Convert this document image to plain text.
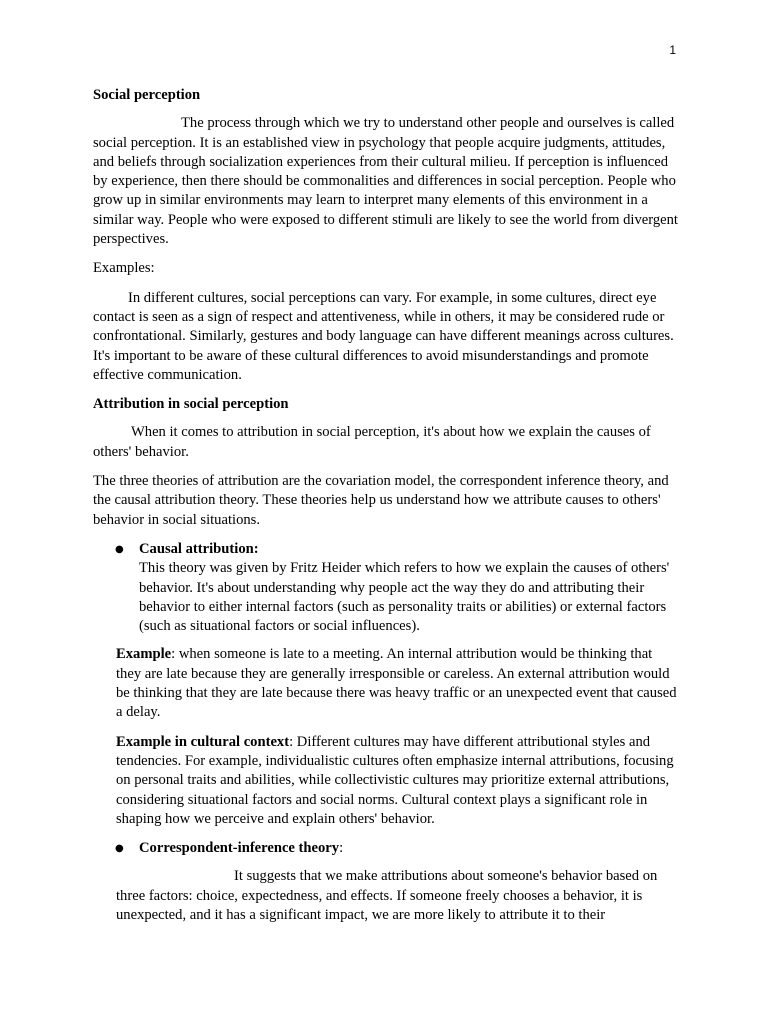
1

Social perception

The process through which we try to understand other people and ourselves is called social perception. It is an established view in psychology that people acquire judgments, attitudes, and beliefs through socialization experiences from their cultural milieu. If perception is influenced by experience, then there should be commonalities and differences in social perception. People who grow up in similar environments may learn to interpret many elements of this environment in a similar way. People who were exposed to different stimuli are likely to see the world from divergent perspectives.

Examples:

In different cultures, social perceptions can vary. For example, in some cultures, direct eye contact is seen as a sign of respect and attentiveness, while in others, it may be considered rude or confrontational. Similarly, gestures and body language can have different meanings across cultures. It's important to be aware of these cultural differences to avoid misunderstandings and promote effective communication.

Attribution in social perception

When it comes to attribution in social perception, it's about how we explain the causes of others' behavior.

The three theories of attribution are the covariation model, the correspondent inference theory, and the causal attribution theory. These theories help us understand how we attribute causes to others' behavior in social situations.

● Causal attribution:
This theory was given by Fritz Heider which refers to how we explain the causes of others' behavior. It's about understanding why people act the way they do and attributing their behavior to either internal factors (such as personality traits or abilities) or external factors (such as situational factors or social influences).

Example: when someone is late to a meeting. An internal attribution would be thinking that they are late because they are generally irresponsible or careless. An external attribution would be thinking that they are late because there was heavy traffic or an unexpected event that caused a delay.

Example in cultural context: Different cultures may have different attributional styles and tendencies. For example, individualistic cultures often emphasize internal attributions, focusing on personal traits and abilities, while collectivistic cultures may prioritize external attributions, considering situational factors and social norms. Cultural context plays a significant role in shaping how we perceive and explain others' behavior.

● Correspondent-inference theory:

It suggests that we make attributions about someone's behavior based on three factors: choice, expectedness, and effects. If someone freely chooses a behavior, it is unexpected, and it has a significant impact, we are more likely to attribute it to their
